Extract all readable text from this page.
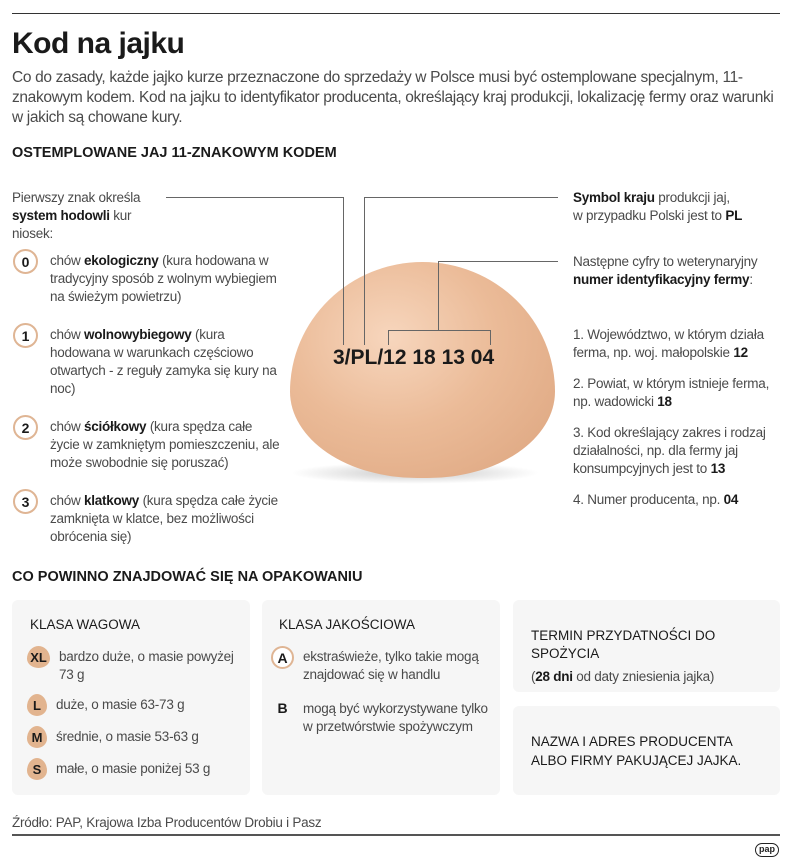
Kod na jajku

Co do zasady, każde jajko kurze przeznaczone do sprzedaży w Polsce musi być ostemplowane specjalnym, 11-znakowym kodem. Kod na jajku to identyfikator producenta, określający kraj produkcji, lokalizację fermy oraz warunki w jakich są chowane kury.

OSTEMPLOWANE JAJ 11-ZNAKOWYM KODEM
Pierwszy znak określa
system hodowli kur niosek:
0	chów ekologiczny (kura hodowana w tradycyjny sposób z wolnym wybiegiem na świeżym powietrzu)
1	chów wolnowybiegowy (kura hodowana w warunkach częściowo otwartych - z reguły zamyka się kury na noc)
2	chów ściółkowy (kura spędza całe życie w zamkniętym pomieszczeniu, ale może swobodnie się poruszać)
3	chów klatkowy (kura spędza całe życie zamknięta w klatce, bez możliwości obrócenia się)
3/PL/12 18 13 04
Symbol kraju produkcji jaj,
w przypadku Polski jest to PL
Następne cyfry to weterynaryjny
numer identyfikacyjny fermy:
1. Województwo, w którym działa ferma, np. woj. małopolskie 12
2. Powiat, w którym istnieje ferma, np. wadowicki 18
3. Kod określający zakres i rodzaj działalności, np. dla fermy jaj konsumpcyjnych jest to 13
4. Numer producenta, np. 04
CO POWINNO ZNAJDOWAĆ SIĘ NA OPAKOWANIU
KLASA WAGOWA
XL bardzo duże, o masie powyżej 73 g
L	duże, o masie 63-73 g
M	średnie, o masie 53-63 g
S	małe, o masie poniżej 53 g
KLASA JAKOŚCIOWA
A	ekstraświeże, tylko takie mogą znajdować się w handlu
B	mogą być wykorzystywane tylko w przetwórstwie spożywczym
TERMIN PRZYDATNOŚCI DO SPOŻYCIA
(28 dni od daty zniesienia jajka)
NAZWA I ADRES PRODUCENTA
ALBO FIRMY PAKUJĄCEJ JAJKA.
Źródło: PAP, Krajowa Izba Producentów Drobiu i Pasz
pap
